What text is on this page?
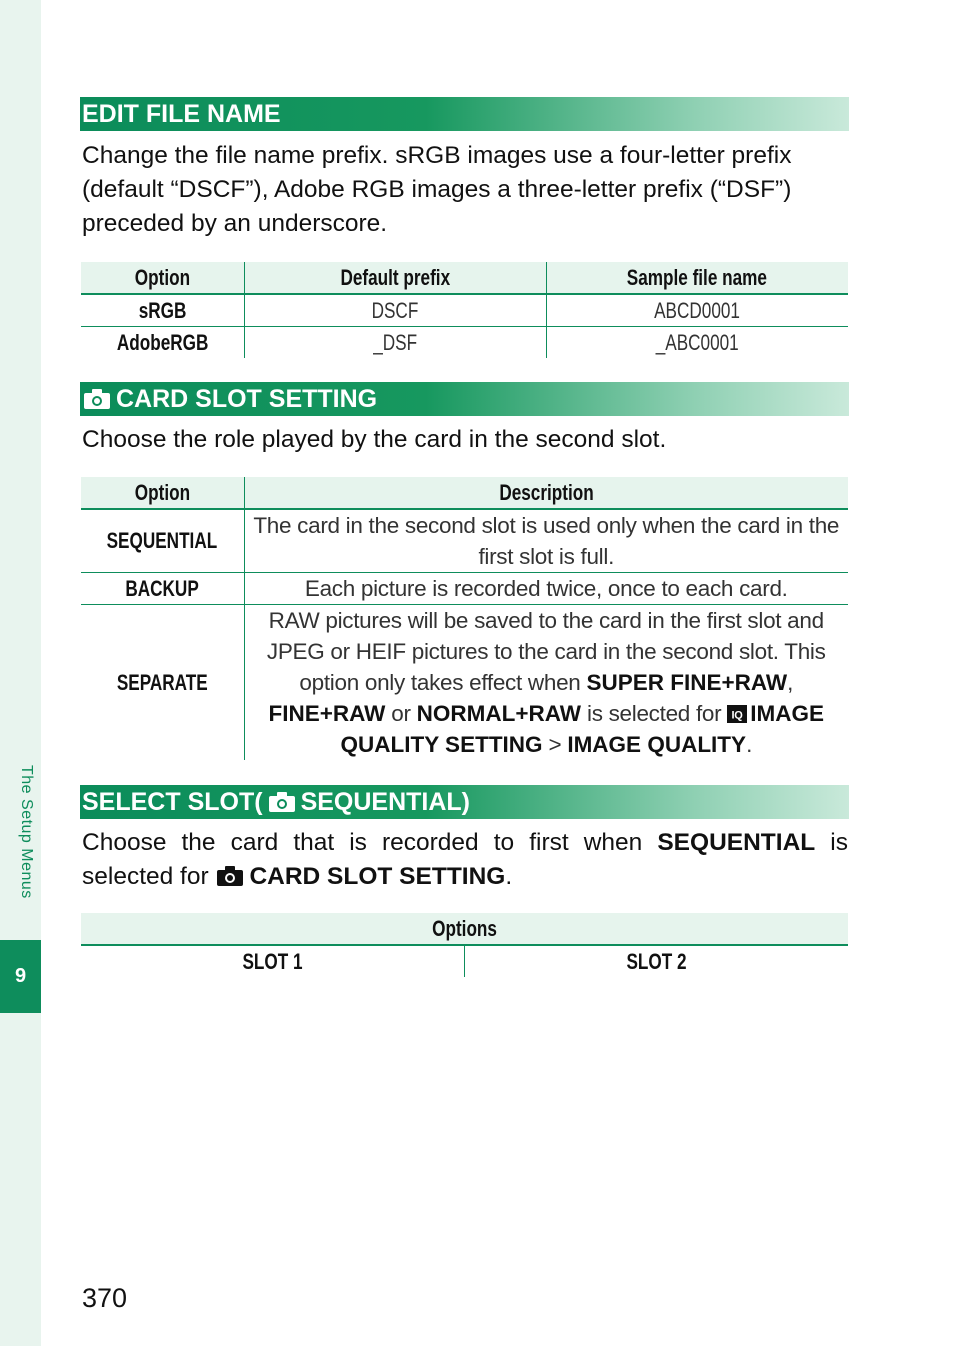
The Setup Menus
9
EDIT FILE NAME
Change the file name prefix. sRGB images use a four-letter prefix (default “DSCF”), Adobe RGB images a three-letter prefix (“DSF”) preceded by an underscore.
Option	Default prefix	Sample file name
sRGB	DSCF	ABCD0001
AdobeRGB	_DSF	_ABC0001
CARD SLOT SETTING
Choose the role played by the card in the second slot.
Option	Description
SEQUENTIAL	The card in the second slot is used only when the card in the first slot is full.
BACKUP	Each picture is recorded twice, once to each card.
SEPARATE	RAW pictures will be saved to the card in the first slot and JPEG or HEIF pictures to the card in the second slot. This option only takes effect when SUPER FINE+RAW, FINE+RAW or NORMAL+RAW is selected for IQ IMAGE QUALITY SETTING > IMAGE QUALITY.
SELECT SLOT( SEQUENTIAL)
Choose the card that is recorded to first when SEQUENTIAL is selected for CARD SLOT SETTING.
Options
SLOT 1	SLOT 2
370
